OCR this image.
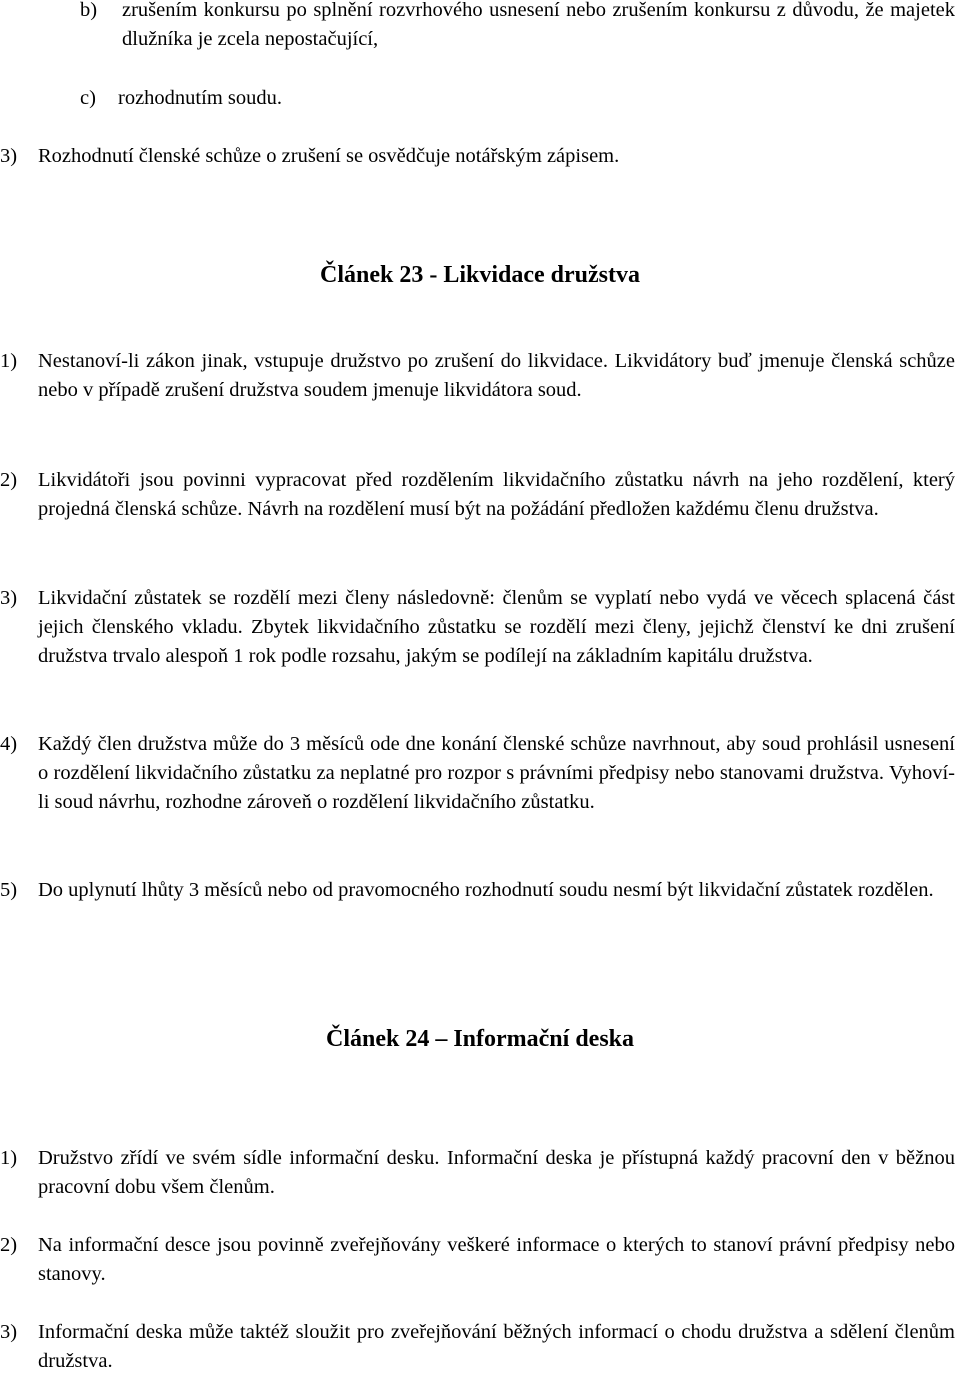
b) zrušením konkursu po splnění rozvrhového usnesení nebo zrušením konkursu z důvodu, že majetek dlužníka je zcela nepostačující,

c) rozhodnutím soudu.

3) Rozhodnutí členské schůze o zrušení se osvědčuje notářským zápisem.

Článek 23 - Likvidace družstva

1) Nestanoví-li zákon jinak, vstupuje družstvo po zrušení do likvidace. Likvidátory buď jmenuje členská schůze nebo v případě zrušení družstva soudem jmenuje likvidátora soud.

2) Likvidátoři jsou povinni vypracovat před rozdělením likvidačního zůstatku návrh na jeho rozdělení, který projedná členská schůze. Návrh na rozdělení musí být na požádání předložen každému členu družstva.

3) Likvidační zůstatek se rozdělí mezi členy následovně: členům se vyplatí nebo vydá ve věcech splacená část jejich členského vkladu. Zbytek likvidačního zůstatku se rozdělí mezi členy, jejichž členství ke dni zrušení družstva trvalo alespoň 1 rok podle rozsahu, jakým se podílejí na základním kapitálu družstva.

4) Každý člen družstva může do 3 měsíců ode dne konání členské schůze navrhnout, aby soud prohlásil usnesení o rozdělení likvidačního zůstatku za neplatné pro rozpor s právními předpisy nebo stanovami družstva. Vyhoví-li soud návrhu, rozhodne zároveň o rozdělení likvidačního zůstatku.

5) Do uplynutí lhůty 3 měsíců nebo od pravomocného rozhodnutí soudu nesmí být likvidační zůstatek rozdělen.

Článek 24 – Informační deska

1) Družstvo zřídí ve svém sídle informační desku. Informační deska je přístupná každý pracovní den v běžnou pracovní dobu všem členům.

2) Na informační desce jsou povinně zveřejňovány veškeré informace o kterých to stanoví právní předpisy nebo stanovy.

3) Informační deska může taktéž sloužit pro zveřejňování běžných informací o chodu družstva a sdělení členům družstva.
